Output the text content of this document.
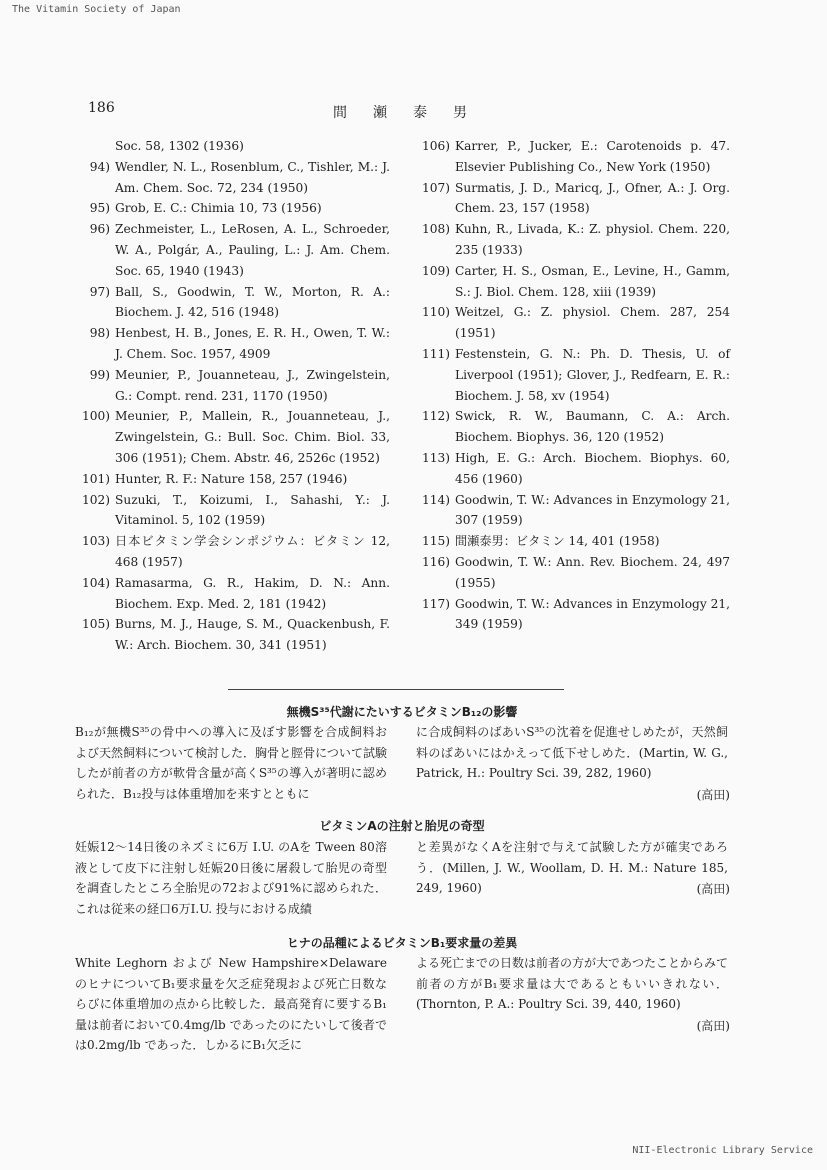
The Vitamin Society of Japan
186	間瀬泰男
Soc. 58, 1302 (1936)
94) Wendler, N. L., Rosenblum, C., Tishler, M.: J. Am. Chem. Soc. 72, 234 (1950)
95) Grob, E. C.: Chimia 10, 73 (1956)
96) Zechmeister, L., LeRosen, A. L., Schroeder, W. A., Polgár, A., Pauling, L.: J. Am. Chem. Soc. 65, 1940 (1943)
97) Ball, S., Goodwin, T. W., Morton, R. A.: Biochem. J. 42, 516 (1948)
98) Henbest, H. B., Jones, E. R. H., Owen, T. W.: J. Chem. Soc. 1957, 4909
99) Meunier, P., Jouanneteau, J., Zwingelstein, G.: Compt. rend. 231, 1170 (1950)
100) Meunier, P., Mallein, R., Jouanneteau, J., Zwingelstein, G.: Bull. Soc. Chim. Biol. 33, 306 (1951); Chem. Abstr. 46, 2526c (1952)
101) Hunter, R. F.: Nature 158, 257 (1946)
102) Suzuki, T., Koizumi, I., Sahashi, Y.: J. Vitaminol. 5, 102 (1959)
103) 日本ビタミン学会シンポジウム：ビタミン 12, 468 (1957)
104) Ramasarma, G. R., Hakim, D. N.: Ann. Biochem. Exp. Med. 2, 181 (1942)
105) Burns, M. J., Hauge, S. M., Quackenbush, F. W.: Arch. Biochem. 30, 341 (1951)
106) Karrer, P., Jucker, E.: Carotenoids p. 47. Elsevier Publishing Co., New York (1950)
107) Surmatis, J. D., Maricq, J., Ofner, A.: J. Org. Chem. 23, 157 (1958)
108) Kuhn, R., Livada, K.: Z. physiol. Chem. 220, 235 (1933)
109) Carter, H. S., Osman, E., Levine, H., Gamm, S.: J. Biol. Chem. 128, xiii (1939)
110) Weitzel, G.: Z. physiol. Chem. 287, 254 (1951)
111) Festenstein, G. N.: Ph. D. Thesis, U. of Liverpool (1951); Glover, J., Redfearn, E. R.: Biochem. J. 58, xv (1954)
112) Swick, R. W., Baumann, C. A.: Arch. Biochem. Biophys. 36, 120 (1952)
113) High, E. G.: Arch. Biochem. Biophys. 60, 456 (1960)
114) Goodwin, T. W.: Advances in Enzymology 21, 307 (1959)
115) 間瀬泰男：ビタミン 14, 401 (1958)
116) Goodwin, T. W.: Ann. Rev. Biochem. 24, 497 (1955)
117) Goodwin, T. W.: Advances in Enzymology 21, 349 (1959)
無機S³⁵代謝にたいするビタミンB₁₂の影響
B₁₂が無機S³⁵の骨中への導入に及ぼす影響を合成飼料および天然飼料について検討した．胸骨と脛骨について試験したが前者の方が軟骨含量が高くS³⁵の導入が著明に認められた．B₁₂投与は体重増加を来すとともに
に合成飼料のばあいS³⁵の沈着を促進せしめたが，天然飼料のばあいにはかえって低下せしめた．(Martin, W. G., Patrick, H.: Poultry Sci. 39, 282, 1960)
(高田)
ビタミンAの注射と胎児の奇型
妊娠12〜14日後のネズミに6万 I.U. のAを Tween 80溶液として皮下に注射し妊娠20日後に屠殺して胎児の奇型を調査したところ全胎児の72および91%に認められた．これは従来の経口6万I.U. 投与における成績
と差異がなくAを注射で与えて試験した方が確実であろう．(Millen, J. W., Woollam, D. H. M.: Nature 185, 249, 1960)	(高田)
ヒナの品種によるビタミンB₁要求量の差異
White Leghorn および New Hampshire×Delaware のヒナについてB₁要求量を欠乏症発現および死亡日数ならびに体重増加の点から比較した．最高発育に要するB₁量は前者において0.4mg/lb であったのにたいして後者では0.2mg/lb であった．しかるにB₁欠乏に
よる死亡までの日数は前者の方が大であつたことからみて前者の方がB₁要求量は大であるともいいきれない．(Thornton, P. A.: Poultry Sci. 39, 440, 1960)
(高田)
NII-Electronic Library Service
